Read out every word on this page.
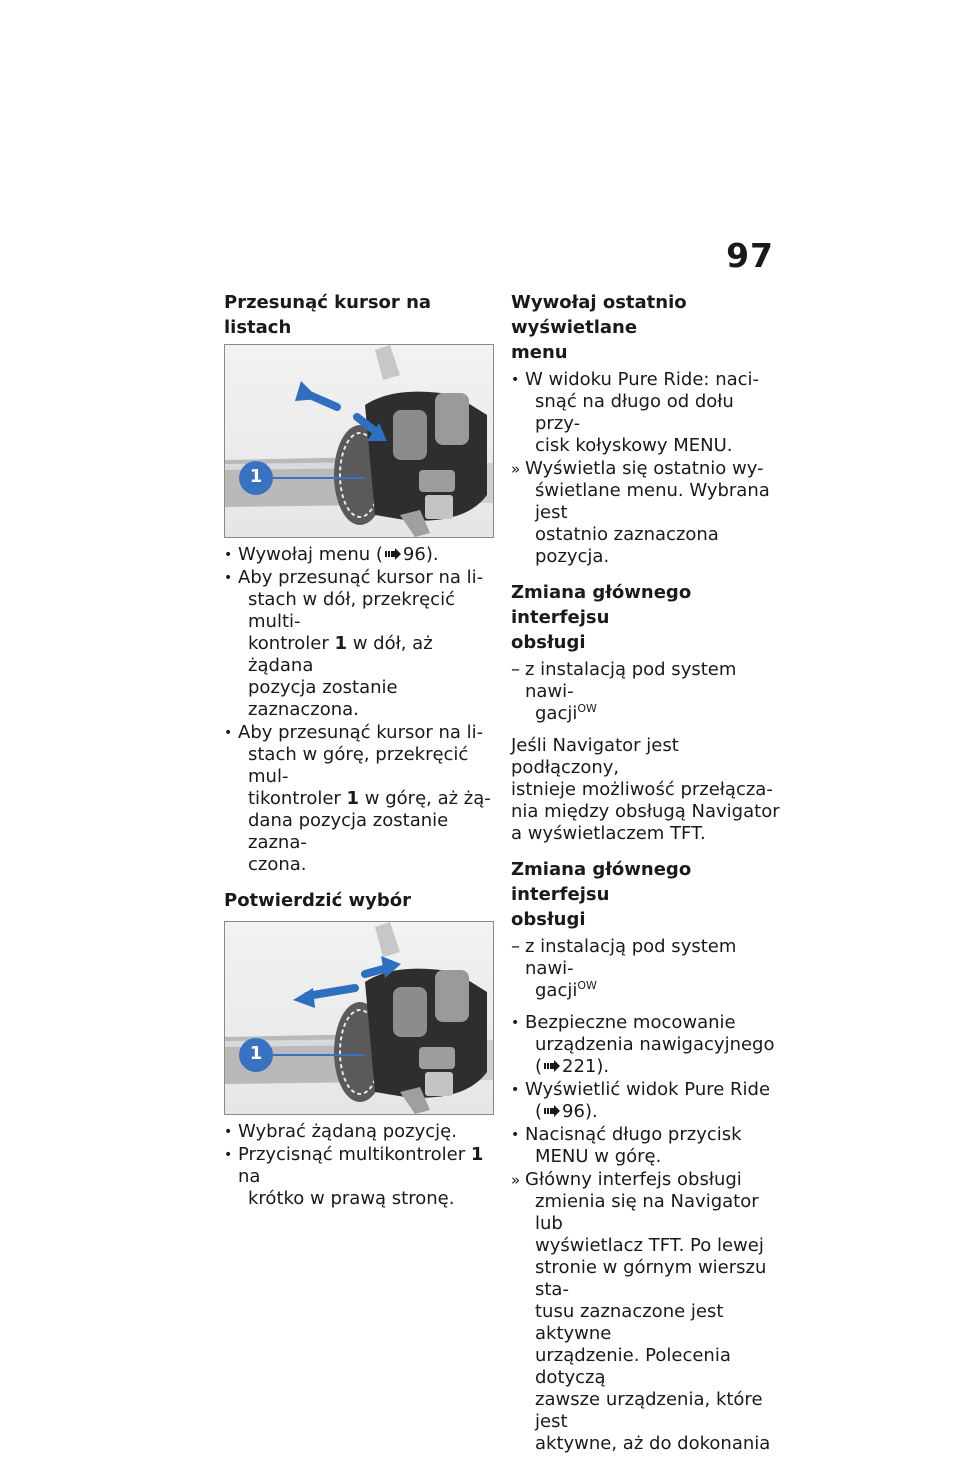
97
Przesunąć kursor na listach
1
• Wywołaj menu ( 96).
• Aby przesunąć kursor na li-
stach w dół, przekręcić multi-
kontroler 1 w dół, aż żądana
pozycja zostanie zaznaczona.
• Aby przesunąć kursor na li-
stach w górę, przekręcić mul-
tikontroler 1 w górę, aż żą-
dana pozycja zostanie zazna-
czona.
Potwierdzić wybór
1
• Wybrać żądaną pozycję.
• Przycisnąć multikontroler 1 na
krótko w prawą stronę.
Wywołaj ostatnio wyświetlane
menu
• W widoku Pure Ride: naci-
snąć na długo od dołu przy-
cisk kołyskowy MENU.
» Wyświetla się ostatnio wy-
świetlane menu. Wybrana jest
ostatnio zaznaczona pozycja.
Zmiana głównego interfejsu
obsługi
– z instalacją pod system nawi-
gacji$^{OW}$
Jeśli Navigator jest podłączony,
istnieje możliwość przełącza-
nia między obsługą Navigator
a wyświetlaczem TFT.
Zmiana głównego interfejsu
obsługi
– z instalacją pod system nawi-
gacji$^{OW}$
• Bezpieczne mocowanie
urządzenia nawigacyjnego
( 221).
• Wyświetlić widok Pure Ride
( 96).
• Nacisnąć długo przycisk
MENU w górę.
» Główny interfejs obsługi
zmienia się na Navigator lub
wyświetlacz TFT. Po lewej
stronie w górnym wierszu sta-
tusu zaznaczone jest aktywne
urządzenie. Polecenia dotyczą
zawsze urządzenia, które jest
aktywne, aż do dokonania
